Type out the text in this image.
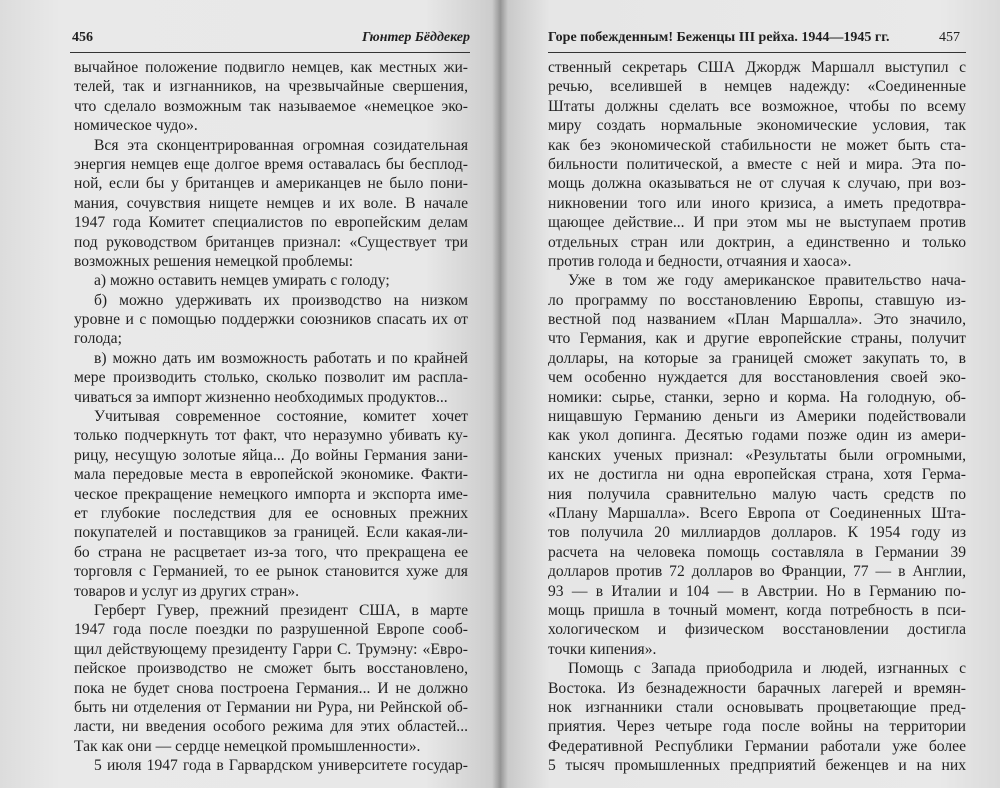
456	Гюнтер Бёддекер
вычайное положение подвигло немцев, как местных жи-
телей, так и изгнанников, на чрезвычайные свершения,
что сделало возможным так называемое «немецкое эко-
номическое чудо».
Вся эта сконцентрированная огромная созидательная
энергия немцев еще долгое время оставалась бы бесплод-
ной, если бы у британцев и американцев не было пони-
мания, сочувствия нищете немцев и их воле. В начале
1947 года Комитет специалистов по европейским делам
под руководством британцев признал: «Существует три
возможных решения немецкой проблемы:
а) можно оставить немцев умирать с голоду;
б) можно удерживать их производство на низком
уровне и с помощью поддержки союзников спасать их от
голода;
в) можно дать им возможность работать и по крайней
мере производить столько, сколько позволит им распла-
чиваться за импорт жизненно необходимых продуктов...
Учитывая современное состояние, комитет хочет
только подчеркнуть тот факт, что неразумно убивать ку-
рицу, несущую золотые яйца... До войны Германия зани-
мала передовые места в европейской экономике. Факти-
ческое прекращение немецкого импорта и экспорта име-
ет глубокие последствия для ее основных прежних
покупателей и поставщиков за границей. Если какая-ли-
бо страна не расцветает из-за того, что прекращена ее
торговля с Германией, то ее рынок становится хуже для
товаров и услуг из других стран».
Герберт Гувер, прежний президент США, в марте
1947 года после поездки по разрушенной Европе сооб-
щил действующему президенту Гарри С. Трумэну: «Евро-
пейское производство не сможет быть восстановлено,
пока не будет снова построена Германия... И не должно
быть ни отделения от Германии ни Рура, ни Рейнской об-
ласти, ни введения особого режима для этих областей...
Так как они — сердце немецкой промышленности».
5 июля 1947 года в Гарвардском университете государ-
Горе побежденным! Беженцы III рейха. 1944—1945 гг.	457
ственный секретарь США Джордж Маршалл выступил с
речью, вселившей в немцев надежду: «Соединенные
Штаты должны сделать все возможное, чтобы по всему
миру создать нормальные экономические условия, так
как без экономической стабильности не может быть ста-
бильности политической, а вместе с ней и мира. Эта по-
мощь должна оказываться не от случая к случаю, при воз-
никновении того или иного кризиса, а иметь предотвра-
щающее действие... И при этом мы не выступаем против
отдельных стран или доктрин, а единственно и только
против голода и бедности, отчаяния и хаоса».
Уже в том же году американское правительство нача-
ло программу по восстановлению Европы, ставшую из-
вестной под названием «План Маршалла». Это значило,
что Германия, как и другие европейские страны, получит
доллары, на которые за границей сможет закупать то, в
чем особенно нуждается для восстановления своей эко-
номики: сырье, станки, зерно и корма. На голодную, об-
нищавшую Германию деньги из Америки подействовали
как укол допинга. Десятью годами позже один из амери-
канских ученых признал: «Результаты были огромными,
их не достигла ни одна европейская страна, хотя Герма-
ния получила сравнительно малую часть средств по
«Плану Маршалла». Всего Европа от Соединенных Шта-
тов получила 20 миллиардов долларов. К 1954 году из
расчета на человека помощь составляла в Германии 39
долларов против 72 долларов во Франции, 77 — в Англии,
93 — в Италии и 104 — в Австрии. Но в Германию по-
мощь пришла в точный момент, когда потребность в пси-
хологическом и физическом восстановлении достигла
точки кипения».
Помощь с Запада приободрила и людей, изгнанных с
Востока. Из безнадежности барачных лагерей и времян-
нок изгнанники стали основывать процветающие пред-
приятия. Через четыре года после войны на территории
Федеративной Республики Германии работали уже более
5 тысяч промышленных предприятий беженцев и на них
